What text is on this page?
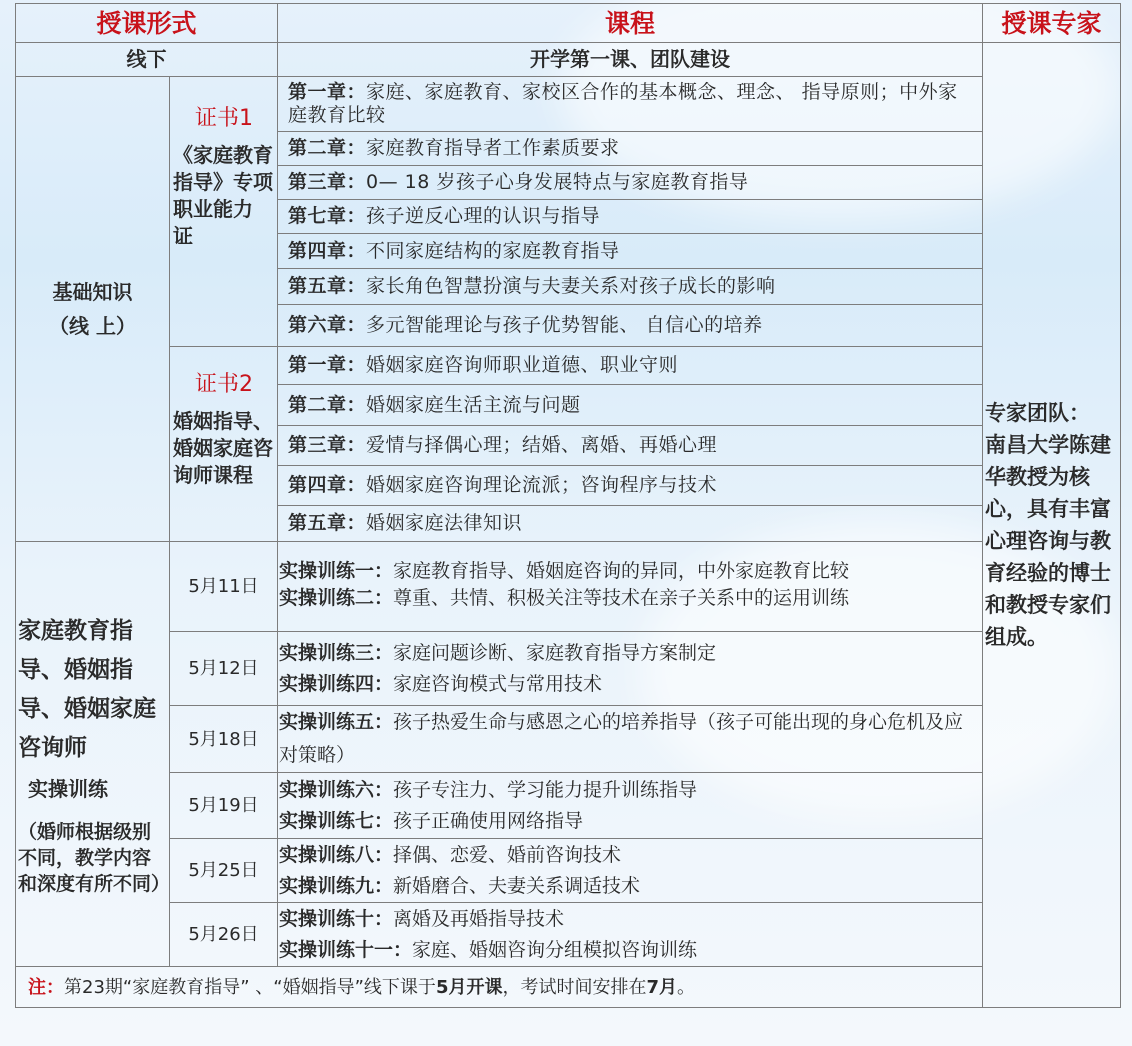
授课形式		课程	授课专家
线下		开学第一课、团队建设	专家团队：
南昌大学陈建华教授为核心，具有丰富心理咨询与教育经验的博士和教授专家们组成。
基础知识
（线 上）	证书1
《家庭教育指导》专项职业能力 证	第一章：家庭、家庭教育、家校区合作的基本概念、理念、 指导原则；中外家庭教育比较	
		第二章：家庭教育指导者工作素质要求	
		第三章：0— 18 岁孩子心身发展特点与家庭教育指导	
		第七章：孩子逆反心理的认识与指导	
		第四章：不同家庭结构的家庭教育指导	
		第五章：家长角色智慧扮演与夫妻关系对孩子成长的影响	
		第六章：多元智能理论与孩子优势智能、 自信心的培养	

	证书2
婚姻指导、婚姻家庭咨询师课程	第一章：婚姻家庭咨询师职业道德、职业守则	
		第二章：婚姻家庭生活主流与问题	
		第三章：爱情与择偶心理；结婚、离婚、再婚心理	
		第四章：婚姻家庭咨询理论流派；咨询程序与技术	
		第五章：婚姻家庭法律知识	
家庭教育指导、婚姻指导、婚姻家庭咨询师
实操训练
（婚师根据级别不同，教学内容和深度有所不同）	5月11日	实操训练一：家庭教育指导、婚姻庭咨询的异同，中外家庭教育比较
实操训练二：尊重、共情、积极关注等技术在亲子关系中的运用训练	

	5月12日	实操训练三：家庭问题诊断、家庭教育指导方案制定
实操训练四：家庭咨询模式与常用技术	

	5月18日	实操训练五：孩子热爱生命与感恩之心的培养指导（孩子可能出现的身心危机及应对策略）	

	5月19日	实操训练六：孩子专注力、学习能力提升训练指导
实操训练七：孩子正确使用网络指导	

	5月25日	实操训练八：择偶、恋爱、婚前咨询技术
实操训练九：新婚磨合、夫妻关系调适技术	

	5月26日	实操训练十：离婚及再婚指导技术
实操训练十一：家庭、婚姻咨询分组模拟咨询训练	

注：第23期“家庭教育指导” 、“婚姻指导”线下课于5月开课，考试时间安排在7月。			
